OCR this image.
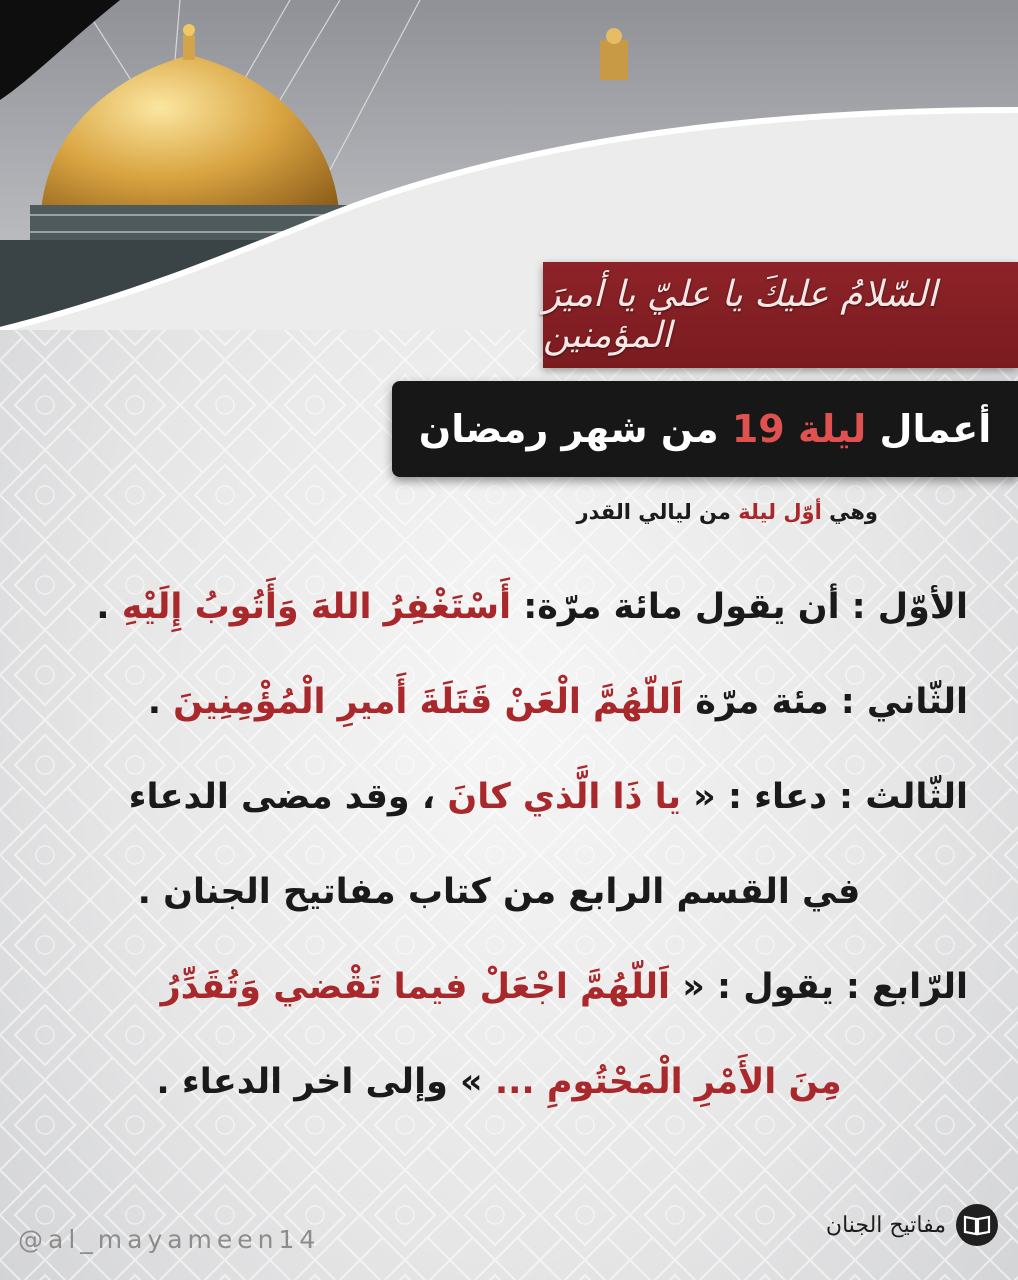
السّلامُ عليكَ يا عليّ يا أميرَ المؤمنين
أعمال ليلة 19 من شهر رمضان
وهي أوّل ليلة من ليالي القدر
الأوّل :
أن يقول مائة مرّة:

أَسْتَغْفِرُ اللهَ وَأَتُوبُ إِلَيْهِ

.
الثّاني :
مئة مرّة

اَللّهُمَّ الْعَنْ قَتَلَةَ أَميرِ الْمُؤْمِنِينَ

.
الثّالث :
دعاء : «

يا ذَا الَّذي كانَ

، وقد مضى الدعاء
في القسم الرابع من كتاب مفاتيح الجنان .
الرّابع :
يقول : «

اَللّهُمَّ اجْعَلْ فيما تَقْضي وَتُقَدِّرُ
مِنَ الأَمْرِ الْمَحْتُومِ ...

» وإلى اخر الدعاء .
@al_mayameen14	مفاتيح الجنان
